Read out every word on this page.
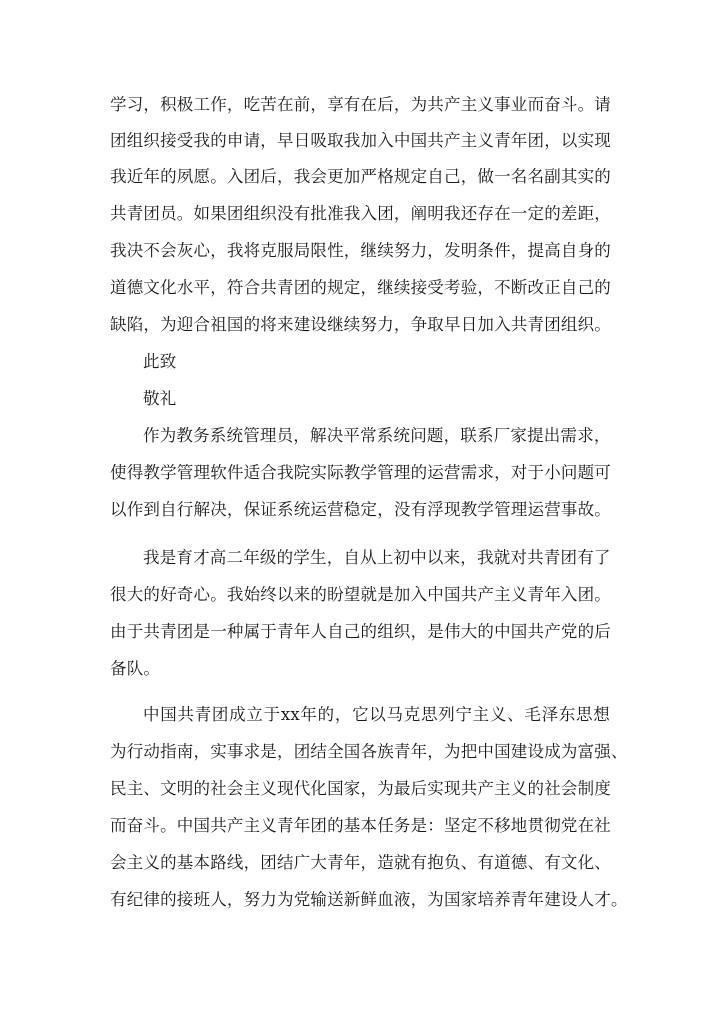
学习，积极工作，吃苦在前，享有在后，为共产主义事业而奋斗。请
团组织接受我的申请，早日吸取我加入中国共产主义青年团，以实现
我近年的夙愿。入团后，我会更加严格规定自己，做一名名副其实的
共青团员。如果团组织没有批准我入团，阐明我还存在一定的差距，
我决不会灰心，我将克服局限性，继续努力，发明条件，提高自身的
道德文化水平，符合共青团的规定，继续接受考验，不断改正自己的
缺陷，为迎合祖国的将来建设继续努力，争取早日加入共青团组织。
此致
敬礼
作为教务系统管理员，解决平常系统问题，联系厂家提出需求，
使得教学管理软件适合我院实际教学管理的运营需求，对于小问题可
以作到自行解决，保证系统运营稳定，没有浮现教学管理运营事故。
我是育才高二年级的学生，自从上初中以来，我就对共青团有了
很大的好奇心。我始终以来的盼望就是加入中国共产主义青年入团。
由于共青团是一种属于青年人自己的组织，是伟大的中国共产党的后
备队。
中国共青团成立于xx年的，它以马克思列宁主义、毛泽东思想
为行动指南，实事求是，团结全国各族青年，为把中国建设成为富强、
民主、文明的社会主义现代化国家，为最后实现共产主义的社会制度
而奋斗。中国共产主义青年团的基本任务是：坚定不移地贯彻党在社
会主义的基本路线，团结广大青年，造就有抱负、有道德、有文化、
有纪律的接班人，努力为党输送新鲜血液，为国家培养青年建设人才。
